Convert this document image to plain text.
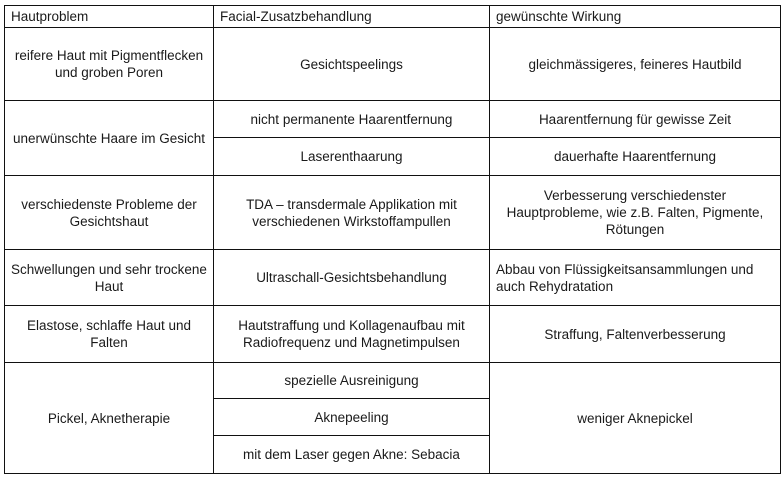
Hautproblem	Facial-Zusatzbehandlung	gewünschte Wirkung
reifere Haut mit Pigmentflecken und groben Poren	Gesichtspeelings	gleichmässigeres, feineres Hautbild
unerwünschte Haare im Gesicht	nicht permanente Haarentfernung	Haarentfernung für gewisse Zeit
	Laserenthaarung	dauerhafte Haarentfernung
verschiedenste Probleme der Gesichtshaut	TDA – transdermale Applikation mit verschiedenen Wirkstoffampullen	Verbesserung verschiedenster Hauptprobleme, wie z.B. Falten, Pigmente, Rötungen
Schwellungen und sehr trockene Haut	Ultraschall-Gesichtsbehandlung	Abbau von Flüssigkeitsansammlungen und auch Rehydratation
Elastose, schlaffe Haut und Falten	Hautstraffung und Kollagenaufbau mit Radiofrequenz und Magnetimpulsen	Straffung, Faltenverbesserung
Pickel, Aknetherapie	spezielle Ausreinigung	weniger Aknepickel
	Aknepeeling	
	mit dem Laser gegen Akne: Sebacia	
